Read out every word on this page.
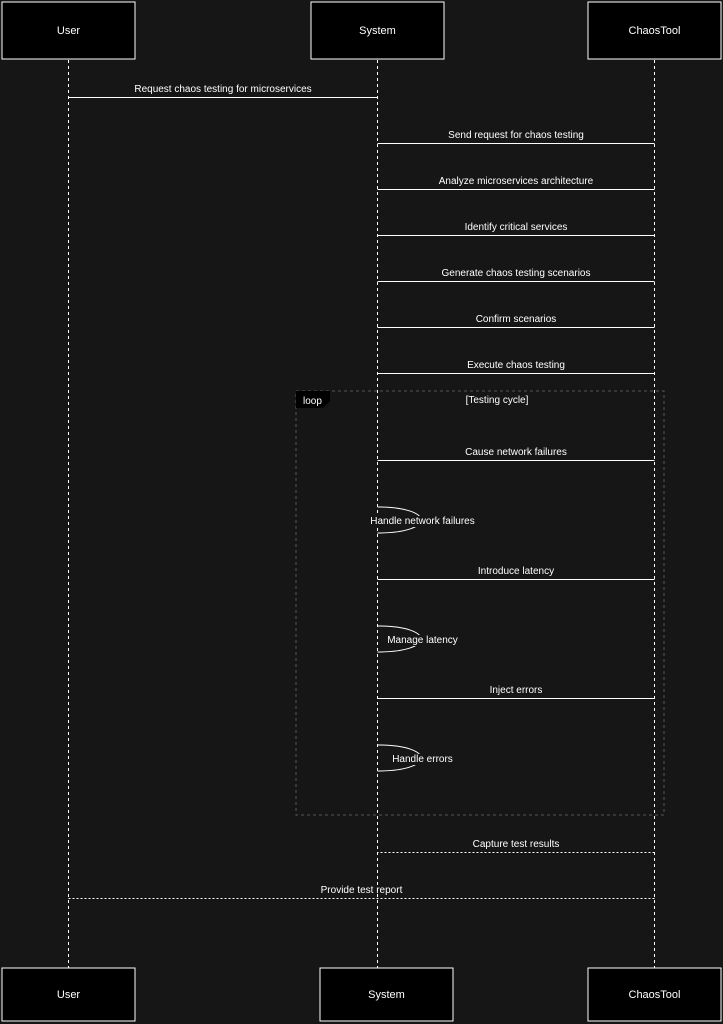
loop	[Testing cycle]
User	System	ChaosTool
User	System	ChaosTool
Request chaos testing for microservices
Send request for chaos testing
Analyze microservices architecture
Identify critical services
Generate chaos testing scenarios
Confirm scenarios
Execute chaos testing
Cause network failures
Handle network failures
Introduce latency
Manage latency
Inject errors
Handle errors
Capture test results
Provide test report
